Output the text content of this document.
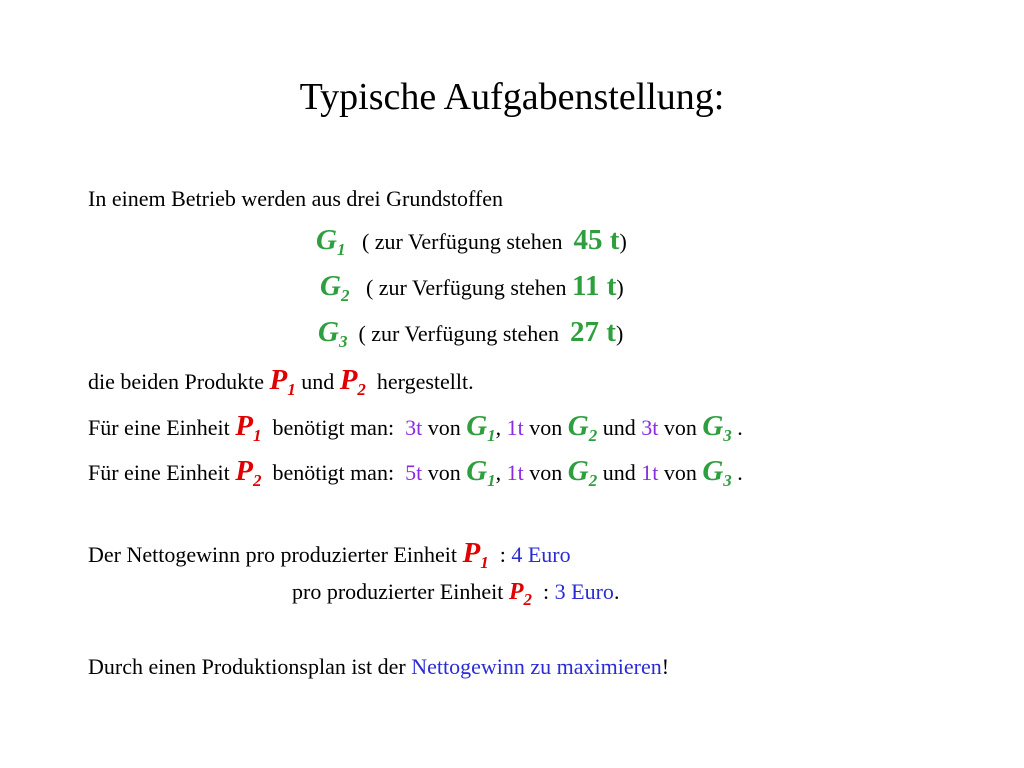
Typische Aufgabenstellung:
In einem Betrieb werden aus drei Grundstoffen
$G_1$ ( zur Verfügung stehen 45 t)
$G_2$ ( zur Verfügung stehen 11 t)
$G_3$ ( zur Verfügung stehen 27 t)
die beiden Produkte $P_1$ und $P_2$ hergestellt.
Für eine Einheit $P_1$ benötigt man: 3t von $G_1$, 1t von $G_2$ und 3t von $G_3$ .
Für eine Einheit $P_2$ benötigt man: 5t von $G_1$, 1t von $G_2$ und 1t von $G_3$ .
Der Nettogewinn pro produzierter Einheit $P_1$ : 4 Euro
pro produzierter Einheit $P_2$ : 3 Euro.
Durch einen Produktionsplan ist der Nettogewinn zu maximieren!
